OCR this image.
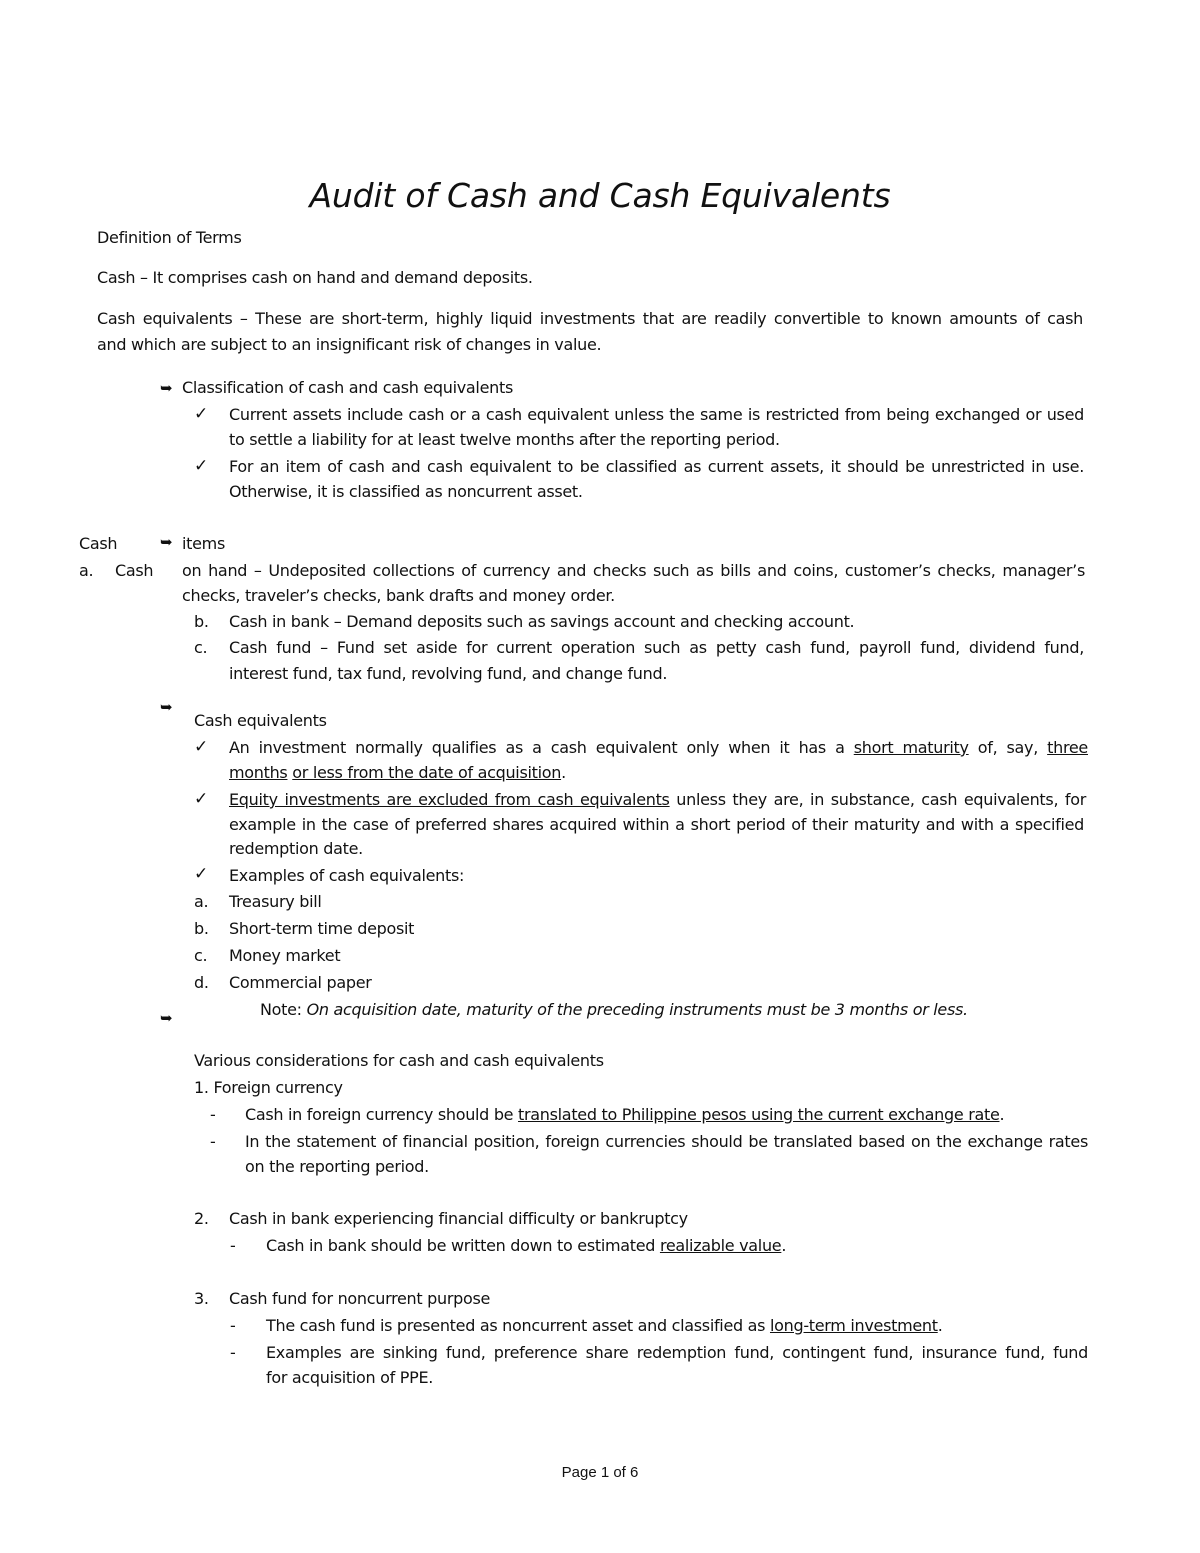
Audit of Cash and Cash Equivalents
Definition of Terms
Cash – It comprises cash on hand and demand deposits.
Cash equivalents – These are short-term, highly liquid investments that are readily convertible to known amounts of cash
and which are subject to an insignificant risk of changes in value.
➥ Classification of cash and cash equivalents
✓ Current assets include cash or a cash equivalent unless the same is restricted from being exchanged or used
to settle a liability for at least twelve months after the reporting period.
✓ For an item of cash and cash equivalent to be classified as current assets, it should be unrestricted in use.
Otherwise, it is classified as noncurrent asset.
Cash	➥ items
a. Cash on hand – Undeposited collections of currency and checks such as bills and coins, customer’s checks, manager’s
checks, traveler’s checks, bank drafts and money order.
b. Cash in bank – Demand deposits such as savings account and checking account.
c. Cash fund – Fund set aside for current operation such as petty cash fund, payroll fund, dividend fund,
interest fund, tax fund, revolving fund, and change fund.
➥
Cash equivalents
✓ An investment normally qualifies as a cash equivalent only when it has a short maturity of, say, three
months or less from the date of acquisition.
✓ Equity investments are excluded from cash equivalents unless they are, in substance, cash equivalents, for
example in the case of preferred shares acquired within a short period of their maturity and with a specified
redemption date.
✓ Examples of cash equivalents:
a. Treasury bill
b. Short-term time deposit
c. Money market
d. Commercial paper
Note: On acquisition date, maturity of the preceding instruments must be 3 months or less.
➥
Various considerations for cash and cash equivalents
1. Foreign currency
- Cash in foreign currency should be translated to Philippine pesos using the current exchange rate.
- In the statement of financial position, foreign currencies should be translated based on the exchange rates
on the reporting period.
2. Cash in bank experiencing financial difficulty or bankruptcy
- Cash in bank should be written down to estimated realizable value.
3. Cash fund for noncurrent purpose
- The cash fund is presented as noncurrent asset and classified as long-term investment.
- Examples are sinking fund, preference share redemption fund, contingent fund, insurance fund, fund
for acquisition of PPE.
Page 1 of 6
